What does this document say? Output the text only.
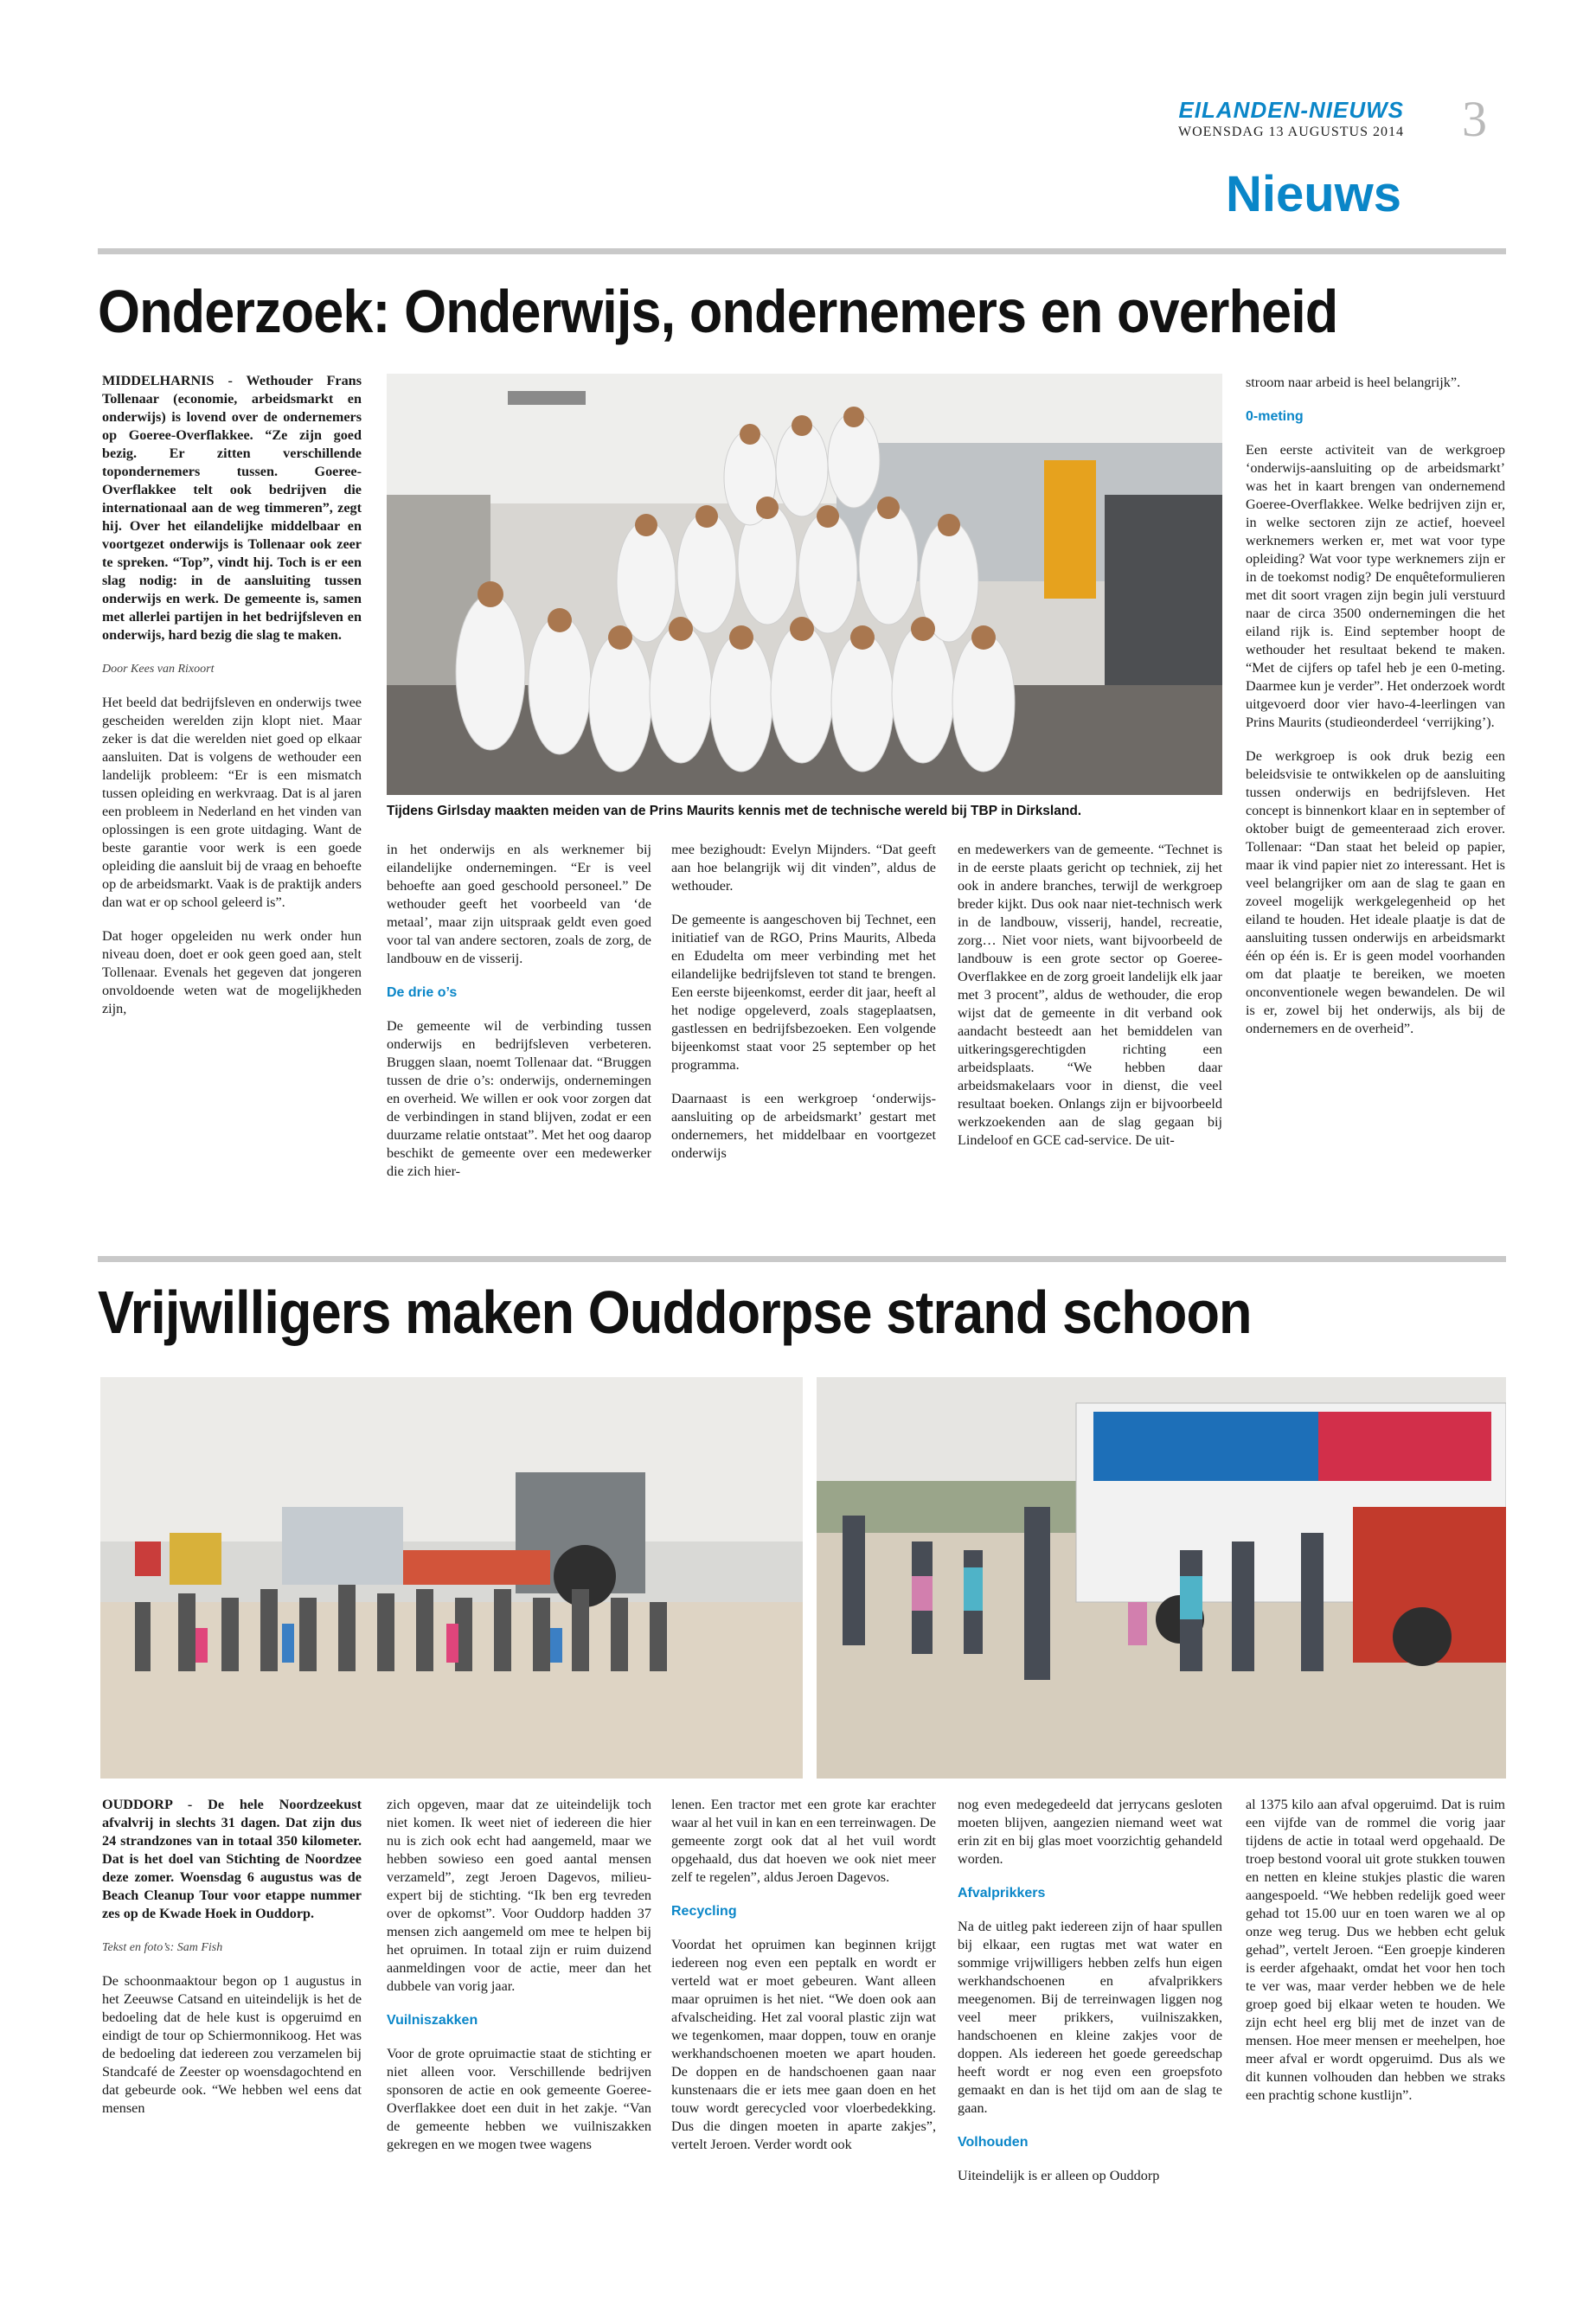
EILANDEN-NIEUWS
WOENSDAG 13 AUGUSTUS 2014 3
Nieuws
Onderzoek: Onderwijs, ondernemers en overheid

MIDDELHARNIS - Wethouder Frans Tollenaar (economie, arbeidsmarkt en onderwijs) is lovend over de ondernemers op Goeree-Overflakkee. “Ze zijn goed bezig. Er zitten verschillende topondernemers tussen. Goeree-Overflakkee telt ook bedrijven die internationaal aan de weg timmeren”, zegt hij. Over het eilandelijke middelbaar en voortgezet onderwijs is Tollenaar ook zeer te spreken. “Top”, vindt hij. Toch is er een slag nodig: in de aansluiting tussen onderwijs en werk. De gemeente is, samen met allerlei partijen in het bedrijfsleven en onderwijs, hard bezig die slag te maken.

Door Kees van Rixoort

Het beeld dat bedrijfsleven en onderwijs twee gescheiden werelden zijn klopt niet. Maar zeker is dat die werelden niet goed op elkaar aansluiten. Dat is volgens de wethouder een landelijk probleem: “Er is een mismatch tussen opleiding en werkvraag. Dat is al jaren een probleem in Nederland en het vinden van oplossingen is een grote uitdaging. Want de beste garantie voor werk is een goede opleiding die aansluit bij de vraag en behoefte op de arbeidsmarkt. Vaak is de praktijk anders dan wat er op school geleerd is”.

Dat hoger opgeleiden nu werk onder hun niveau doen, doet er ook geen goed aan, stelt Tollenaar. Evenals het gegeven dat jongeren onvoldoende weten wat de mogelijkheden zijn,

Tijdens Girlsday maakten meiden van de Prins Maurits kennis met de technische wereld bij TBP in Dirksland.

in het onderwijs en als werknemer bij eilandelijke ondernemingen. “Er is veel behoefte aan goed geschoold personeel.” De wethouder geeft het voorbeeld van ‘de metaal’, maar zijn uitspraak geldt even goed voor tal van andere sectoren, zoals de zorg, de landbouw en de visserij.

De drie o’s

De gemeente wil de verbinding tussen onderwijs en bedrijfsleven verbeteren. Bruggen slaan, noemt Tollenaar dat. “Bruggen tussen de drie o’s: onderwijs, ondernemingen en overheid. We willen er ook voor zorgen dat de verbindingen in stand blijven, zodat er een duurzame relatie ontstaat”. Met het oog daarop beschikt de gemeente over een medewerker die zich hier-

mee bezighoudt: Evelyn Mijnders. “Dat geeft aan hoe belangrijk wij dit vinden”, aldus de wethouder.

De gemeente is aangeschoven bij Technet, een initiatief van de RGO, Prins Maurits, Albeda en Edudelta om meer verbinding met het eilandelijke bedrijfsleven tot stand te brengen. Een eerste bijeenkomst, eerder dit jaar, heeft al het nodige opgeleverd, zoals stageplaatsen, gastlessen en bedrijfsbezoeken. Een volgende bijeenkomst staat voor 25 september op het programma.

Daarnaast is een werkgroep ‘onderwijs-aansluiting op de arbeidsmarkt’ gestart met ondernemers, het middelbaar en voortgezet onderwijs

en medewerkers van de gemeente. “Technet is in de eerste plaats gericht op techniek, zij het ook in andere branches, terwijl de werkgroep breder kijkt. Dus ook naar niet-technisch werk in de landbouw, visserij, handel, recreatie, zorg… Niet voor niets, want bijvoorbeeld de landbouw is een grote sector op Goeree-Overflakkee en de zorg groeit landelijk elk jaar met 3 procent”, aldus de wethouder, die erop wijst dat de gemeente in dit verband ook aandacht besteedt aan het bemiddelen van uitkeringsgerechtigden richting een arbeidsplaats. “We hebben daar arbeidsmakelaars voor in dienst, die veel resultaat boeken. Onlangs zijn er bijvoorbeeld werkzoekenden aan de slag gegaan bij Lindeloof en GCE cad-service. De uit-

stroom naar arbeid is heel belangrijk”.

0-meting

Een eerste activiteit van de werkgroep ‘onderwijs-aansluiting op de arbeidsmarkt’ was het in kaart brengen van ondernemend Goeree-Overflakkee. Welke bedrijven zijn er, in welke sectoren zijn ze actief, hoeveel werknemers werken er, met wat voor type opleiding? Wat voor type werknemers zijn er in de toekomst nodig? De enquêteformulieren met dit soort vragen zijn begin juli verstuurd naar de circa 3500 ondernemingen die het eiland rijk is. Eind september hoopt de wethouder het resultaat bekend te maken. “Met de cijfers op tafel heb je een 0-meting. Daarmee kun je verder”. Het onderzoek wordt uitgevoerd door vier havo-4-leerlingen van Prins Maurits (studieonderdeel ‘verrijking’).

De werkgroep is ook druk bezig een beleidsvisie te ontwikkelen op de aansluiting tussen onderwijs en bedrijfsleven. Het concept is binnenkort klaar en in september of oktober buigt de gemeenteraad zich erover. Tollenaar: “Dan staat het beleid op papier, maar ik vind papier niet zo interessant. Het is veel belangrijker om aan de slag te gaan en zoveel mogelijk werkgelegenheid op het eiland te houden. Het ideale plaatje is dat de aansluiting tussen onderwijs en arbeidsmarkt één op één is. Er is geen model voorhanden om dat plaatje te bereiken, we moeten onconventionele wegen bewandelen. De wil is er, zowel bij het onderwijs, als bij de ondernemers en de overheid”.

Vrijwilligers maken Ouddorpse strand schoon

OUDDORP - De hele Noordzeekust afvalvrij in slechts 31 dagen. Dat zijn dus 24 strandzones van in totaal 350 kilometer. Dat is het doel van Stichting de Noordzee deze zomer. Woensdag 6 augustus was de Beach Cleanup Tour voor etappe nummer zes op de Kwade Hoek in Ouddorp.

Tekst en foto’s: Sam Fish

De schoonmaaktour begon op 1 augustus in het Zeeuwse Catsand en uiteindelijk is het de bedoeling dat de hele kust is opgeruimd en eindigt de tour op Schiermonnikoog. Het was de bedoeling dat iedereen zou verzamelen bij Standcafé de Zeester op woensdagochtend en dat gebeurde ook. “We hebben wel eens dat mensen

zich opgeven, maar dat ze uiteindelijk toch niet komen. Ik weet niet of iedereen die hier nu is zich ook echt had aangemeld, maar we hebben sowieso een goed aantal mensen verzameld”, zegt Jeroen Dagevos, milieu-expert bij de stichting. “Ik ben erg tevreden over de opkomst”. Voor Ouddorp hadden 37 mensen zich aangemeld om mee te helpen bij het opruimen. In totaal zijn er ruim duizend aanmeldingen voor de actie, meer dan het dubbele van vorig jaar.

Vuilniszakken

Voor de grote opruimactie staat de stichting er niet alleen voor. Verschillende bedrijven sponsoren de actie en ook gemeente Goeree-Overflakkee doet een duit in het zakje. “Van de gemeente hebben we vuilniszakken gekregen en we mogen twee wagens

lenen. Een tractor met een grote kar erachter waar al het vuil in kan en een terreinwagen. De gemeente zorgt ook dat al het vuil wordt opgehaald, dus dat hoeven we ook niet meer zelf te regelen”, aldus Jeroen Dagevos.

Recycling

Voordat het opruimen kan beginnen krijgt iedereen nog even een peptalk en wordt er verteld wat er moet gebeuren. Want alleen maar opruimen is het niet. “We doen ook aan afvalscheiding. Het zal vooral plastic zijn wat we tegenkomen, maar doppen, touw en oranje werkhandschoenen moeten we apart houden. De doppen en de handschoenen gaan naar kunstenaars die er iets mee gaan doen en het touw wordt gerecycled voor vloerbedekking. Dus die dingen moeten in aparte zakjes”, vertelt Jeroen. Verder wordt ook

nog even medegedeeld dat jerrycans gesloten moeten blijven, aangezien niemand weet wat erin zit en bij glas moet voorzichtig gehandeld worden.

Afvalprikkers

Na de uitleg pakt iedereen zijn of haar spullen bij elkaar, een rugtas met wat water en sommige vrijwilligers hebben zelfs hun eigen werkhandschoenen en afvalprikkers meegenomen. Bij de terreinwagen liggen nog veel meer prikkers, vuilniszakken, handschoenen en kleine zakjes voor de doppen. Als iedereen het goede gereedschap heeft wordt er nog even een groepsfoto gemaakt en dan is het tijd om aan de slag te gaan.

Volhouden

Uiteindelijk is er alleen op Ouddorp

al 1375 kilo aan afval opgeruimd. Dat is ruim een vijfde van de rommel die vorig jaar tijdens de actie in totaal werd opgehaald. De troep bestond vooral uit grote stukken touwen en netten en kleine stukjes plastic die waren aangespoeld. “We hebben redelijk goed weer gehad tot 15.00 uur en toen waren we al op onze weg terug. Dus we hebben echt geluk gehad”, vertelt Jeroen. “Een groepje kinderen is eerder afgehaakt, omdat het voor hen toch te ver was, maar verder hebben we de hele groep goed bij elkaar weten te houden. We zijn echt heel erg blij met de inzet van de mensen. Hoe meer mensen er meehelpen, hoe meer afval er wordt opgeruimd. Dus als we dit kunnen volhouden dan hebben we straks een prachtig schone kustlijn”.
